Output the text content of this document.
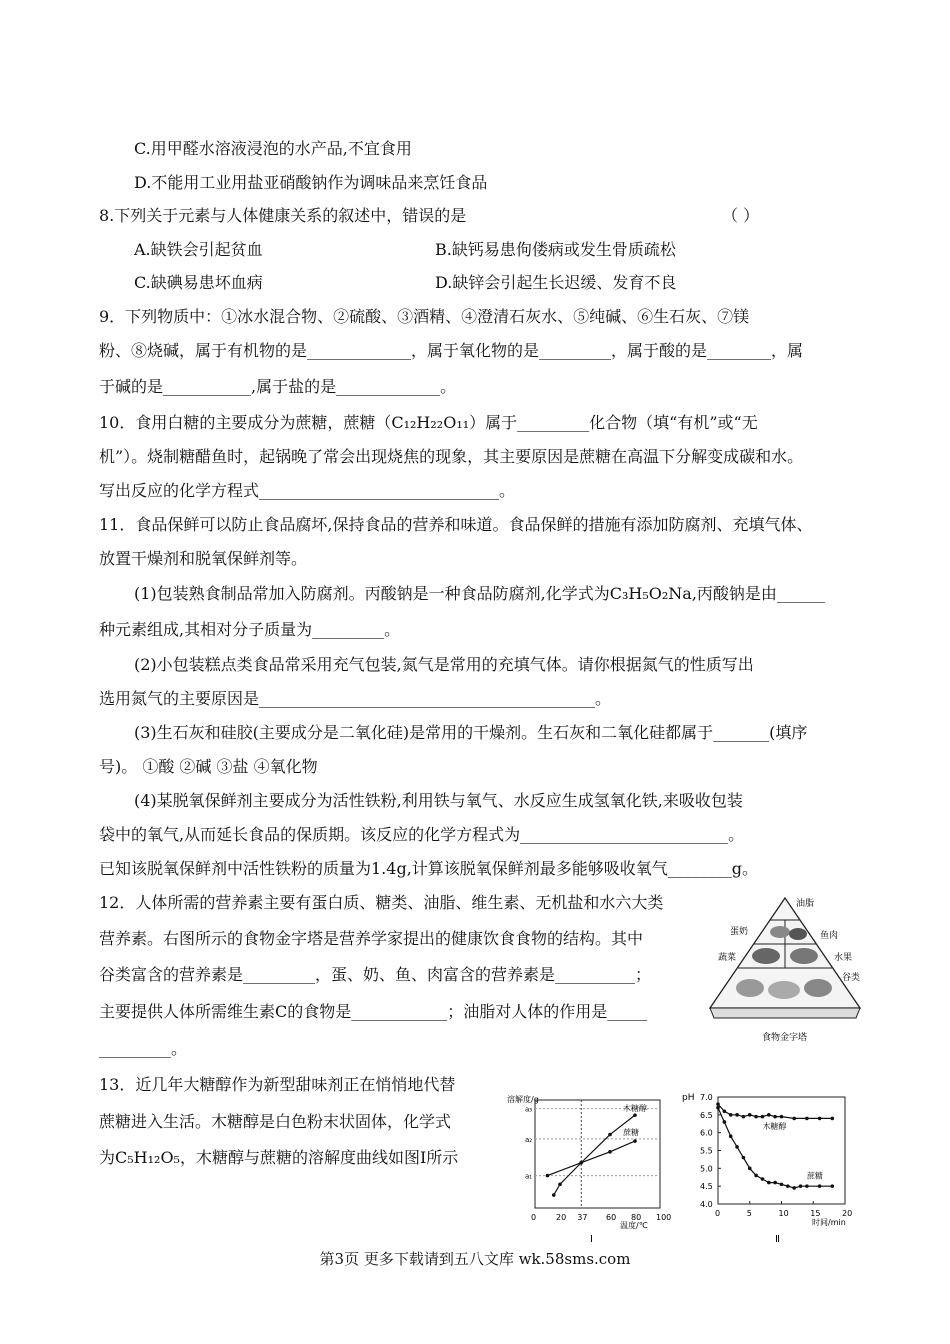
C.用甲醛水溶液浸泡的水产品,不宜食用
D.不能用工业用盐亚硝酸钠作为调味品来烹饪食品
8.下列关于元素与人体健康关系的叙述中，错误的是	（ ）
A.缺铁会引起贫血	B.缺钙易患佝偻病或发生骨质疏松
C.缺碘易患坏血病	D.缺锌会引起生长迟缓、发育不良
9．下列物质中：①冰水混合物、②硫酸、③酒精、④澄清石灰水、⑤纯碱、⑥生石灰、⑦镁
粉、⑧烧碱，属于有机物的是_____________，属于氧化物的是_________，属于酸的是________，属
于碱的是___________,属于盐的是_____________。
10．食用白糖的主要成分为蔗糖，蔗糖（C₁₂H₂₂O₁₁）属于_________化合物（填“有机”或“无
机”）。烧制糖醋鱼时，起锅晚了常会出现烧焦的现象，其主要原因是蔗糖在高温下分解变成碳和水。
写出反应的化学方程式______________________________。
11．食品保鲜可以防止食品腐坏,保持食品的营养和味道。食品保鲜的措施有添加防腐剂、充填气体、
放置干燥剂和脱氧保鲜剂等。
(1)包装熟食制品常加入防腐剂。丙酸钠是一种食品防腐剂,化学式为C₃H₅O₂Na,丙酸钠是由______
种元素组成,其相对分子质量为_________。
(2)小包装糕点类食品常采用充气包装,氮气是常用的充填气体。请你根据氮气的性质写出
选用氮气的主要原因是__________________________________________。
(3)生石灰和硅胶(主要成分是二氧化硅)是常用的干燥剂。生石灰和二氧化硅都属于_______(填序
号)。 ①酸 ②碱 ③盐 ④氧化物
(4)某脱氧保鲜剂主要成分为活性铁粉,利用铁与氧气、水反应生成氢氧化铁,来吸收包装
袋中的氧气,从而延长食品的保质期。该反应的化学方程式为__________________________。
已知该脱氧保鲜剂中活性铁粉的质量为1.4g,计算该脱氧保鲜剂最多能够吸收氧气________g。
12．人体所需的营养素主要有蛋白质、糖类、油脂、维生素、无机盐和水六大类
营养素。右图所示的食物金字塔是营养学家提出的健康饮食食物的结构。其中
谷类富含的营养素是_________，蛋、奶、鱼、肉富含的营养素是__________；
主要提供人体所需维生素C的食物是____________；油脂对人体的作用是_____
_________。
13．近几年大糖醇作为新型甜味剂正在悄悄地代替
蔗糖进入生活。木糖醇是白色粉末状固体，化学式
为C₅H₁₂O₅，木糖醇与蔗糖的溶解度曲线如图Ⅰ所示
油脂
蛋奶	鱼肉
蔬菜	水果
谷类
食物金字塔
溶解度/g
温度/℃
Ⅰ
a₁
a₂
a₃
0 20 37 60 80 100
木糖醇
蔗糖
pH
时间/min
Ⅱ
4.0
4.5
5.0
5.5
6.0
6.5
7.0
0	5	10	15	20
木糖醇
蔗糖
第3页 更多下载请到五八文库 wk.58sms.com
